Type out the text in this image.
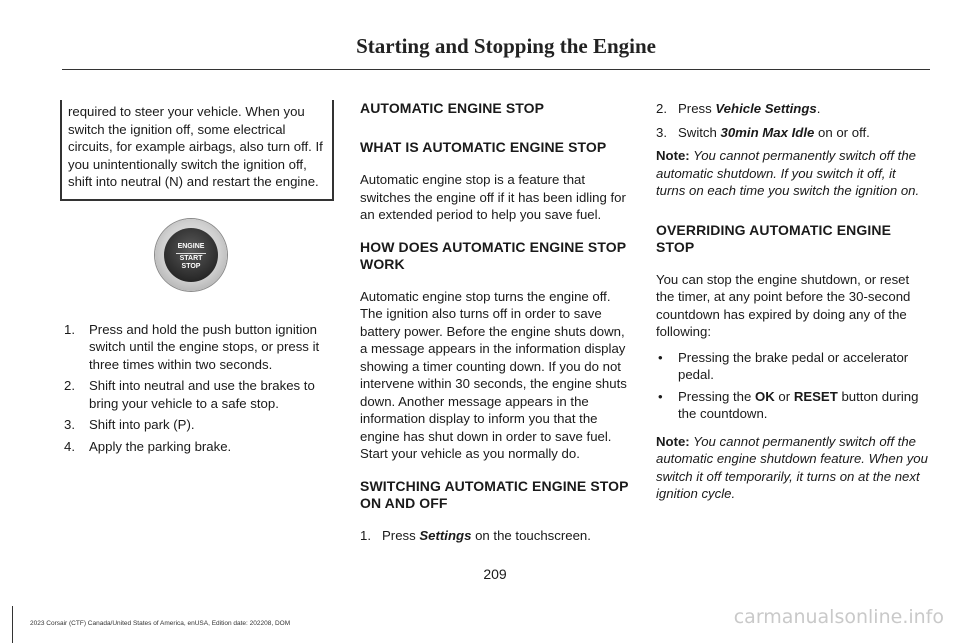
Starting and Stopping the Engine

required to steer your vehicle. When you switch the ignition off, some electrical circuits, for example airbags, also turn off. If you unintentionally switch the ignition off, shift into neutral (N) and restart the engine.

ENGINE
START
STOP
1. Press and hold the push button ignition switch until the engine stops, or press it three times within two seconds.
2. Shift into neutral and use the brakes to bring your vehicle to a safe stop.
3. Shift into park (P).
4. Apply the parking brake.
AUTOMATIC ENGINE STOP
WHAT IS AUTOMATIC ENGINE STOP

Automatic engine stop is a feature that switches the engine off if it has been idling for an extended period to help you save fuel.

HOW DOES AUTOMATIC ENGINE STOP WORK

Automatic engine stop turns the engine off. The ignition also turns off in order to save battery power. Before the engine shuts down, a message appears in the information display showing a timer counting down. If you do not intervene within 30 seconds, the engine shuts down. Another message appears in the information display to inform you that the engine has shut down in order to save fuel. Start your vehicle as you normally do.

SWITCHING AUTOMATIC ENGINE STOP ON AND OFF

1. Press Settings on the touchscreen.

2. Press Vehicle Settings.

3. Switch 30min Max Idle on or off.

Note: You cannot permanently switch off the automatic shutdown. If you switch it off, it turns on each time you switch the ignition on.

OVERRIDING AUTOMATIC ENGINE STOP

You can stop the engine shutdown, or reset the timer, at any point before the 30-second countdown has expired by doing any of the following:

• Pressing the brake pedal or accelerator pedal.
• Pressing the OK or RESET button during the countdown.

Note: You cannot permanently switch off the automatic engine shutdown feature. When you switch it off temporarily, it turns on at the next ignition cycle.

209
2023 Corsair (CTF) Canada/United States of America, enUSA, Edition date: 202208, DOM	carmanualsonline.info
